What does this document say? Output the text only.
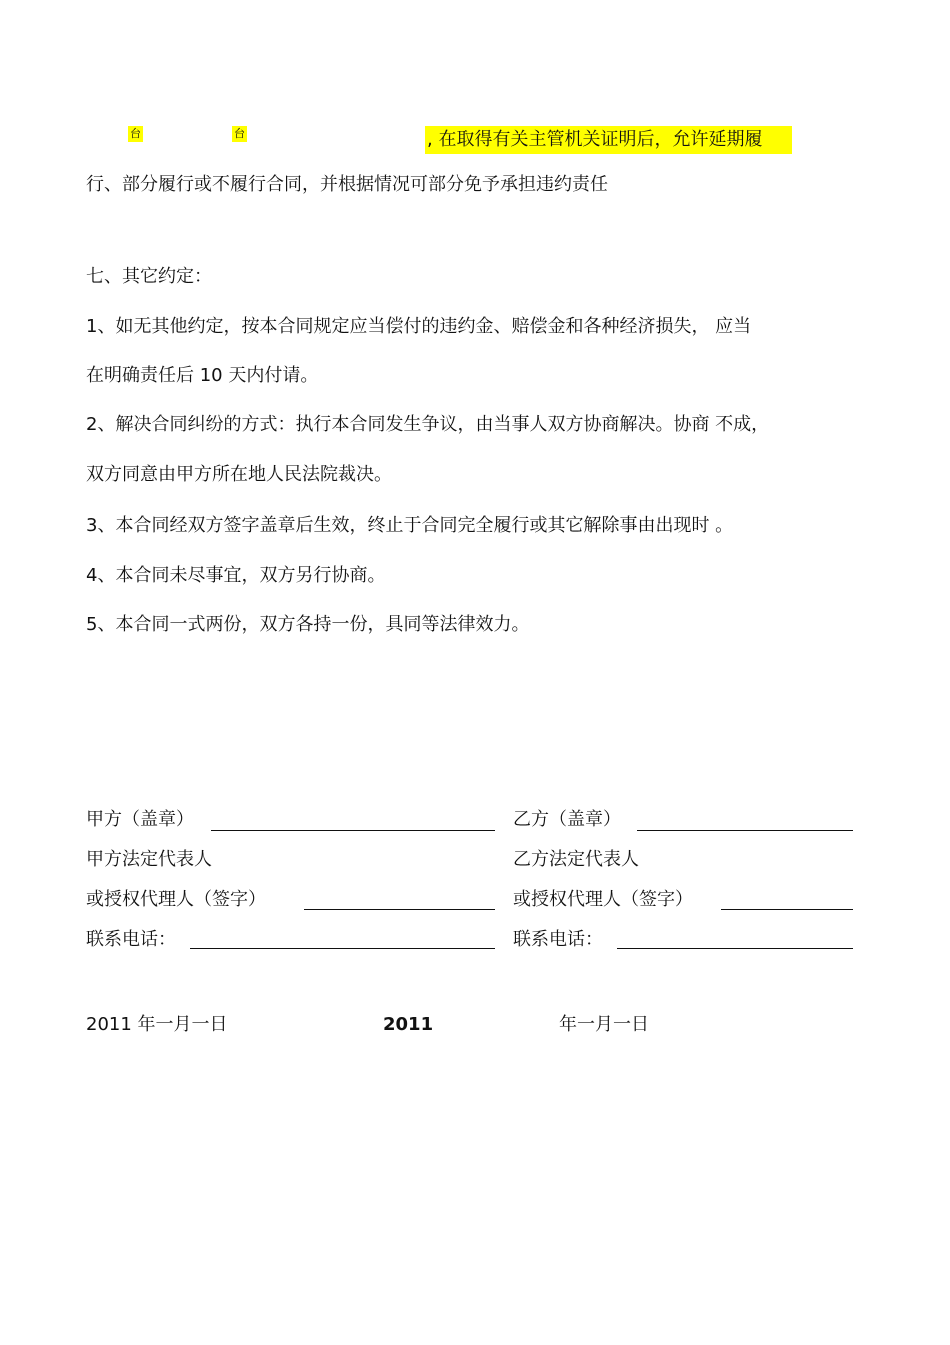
台	台	, 在取得有关主管机关证明后，允许延期履
行、部分履行或不履行合同，并根据情况可部分免予承担违约责任
七、其它约定：
1、如无其他约定，按本合同规定应当偿付的违约金、赔偿金和各种经济损失， 应当
在明确责任后 10 天内付请。
2、解决合同纠纷的方式：执行本合同发生争议，由当事人双方协商解决。协商 不成，
双方同意由甲方所在地人民法院裁决。
3、本合同经双方签字盖章后生效，终止于合同完全履行或其它解除事由出现时 。
4、本合同未尽事宜，双方另行协商。
5、本合同一式两份，双方各持一份，具同等法律效力。
甲方（盖章）	乙方（盖章）
甲方法定代表人	乙方法定代表人
或授权代理人（签字）	或授权代理人（签字）
联系电话：	联系电话：
2011 年一月一日	2011	年一月一日
